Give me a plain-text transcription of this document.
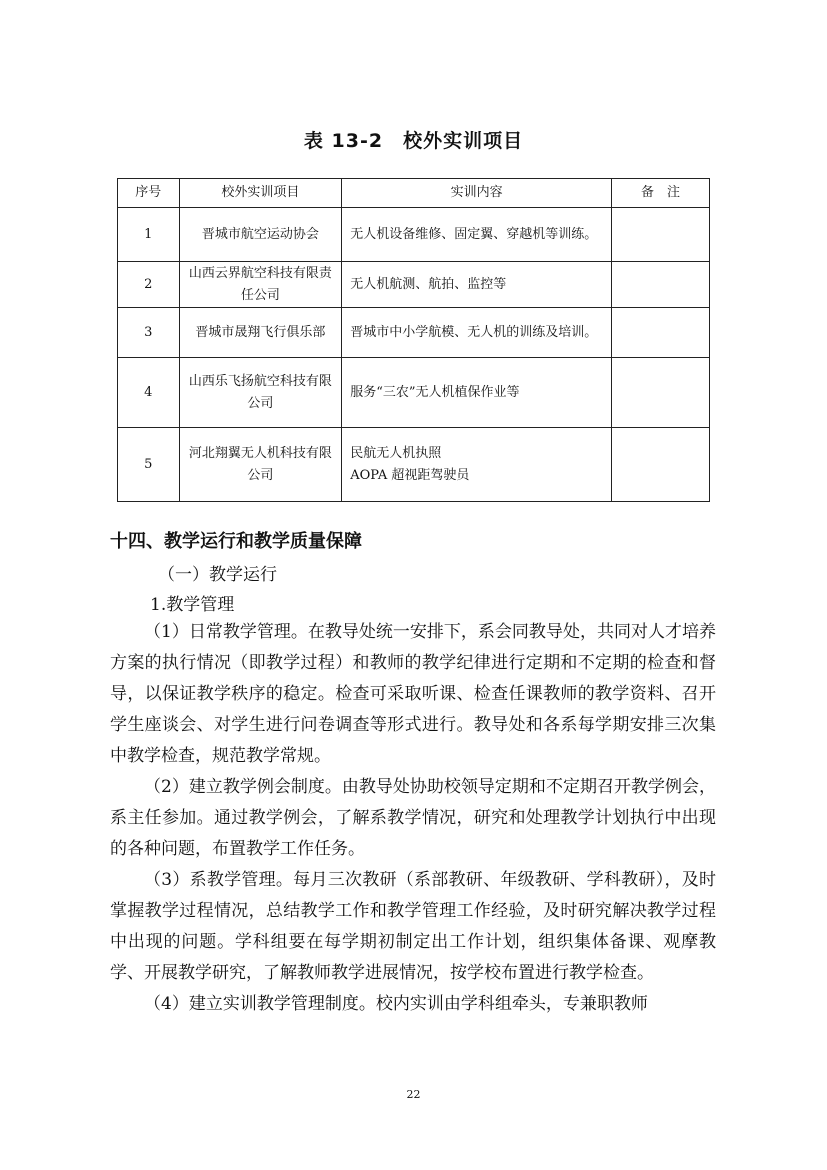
表 13-2　校外实训项目
序号	校外实训项目	实训内容	备　注
1	晋城市航空运动协会	无人机设备维修、固定翼、穿越机等训练。	
2	山西云界航空科技有限责任公司	无人机航测、航拍、监控等	
3	晋城市晟翔飞行俱乐部	晋城市中小学航模、无人机的训练及培训。	
4	山西乐飞扬航空科技有限公司	服务“三农”无人机植保作业等	
5	河北翔翼无人机科技有限公司	民航无人机执照
AOPA 超视距驾驶员	

十四、教学运行和教学质量保障
（一）教学运行
1.教学管理

（1）日常教学管理。在教导处统一安排下，系会同教导处，共同对人才培养方案的执行情况（即教学过程）和教师的教学纪律进行定期和不定期的检查和督导，以保证教学秩序的稳定。检查可采取听课、检查任课教师的教学资料、召开学生座谈会、对学生进行问卷调查等形式进行。教导处和各系每学期安排三次集中教学检查，规范教学常规。

（2）建立教学例会制度。由教导处协助校领导定期和不定期召开教学例会，系主任参加。通过教学例会，了解系教学情况，研究和处理教学计划执行中出现的各种问题，布置教学工作任务。

（3）系教学管理。每月三次教研（系部教研、年级教研、学科教研），及时掌握教学过程情况，总结教学工作和教学管理工作经验，及时研究解决教学过程中出现的问题。学科组要在每学期初制定出工作计划，组织集体备课、观摩教学、开展教学研究，了解教师教学进展情况，按学校布置进行教学检查。

（4）建立实训教学管理制度。校内实训由学科组牵头，专兼职教师

22
